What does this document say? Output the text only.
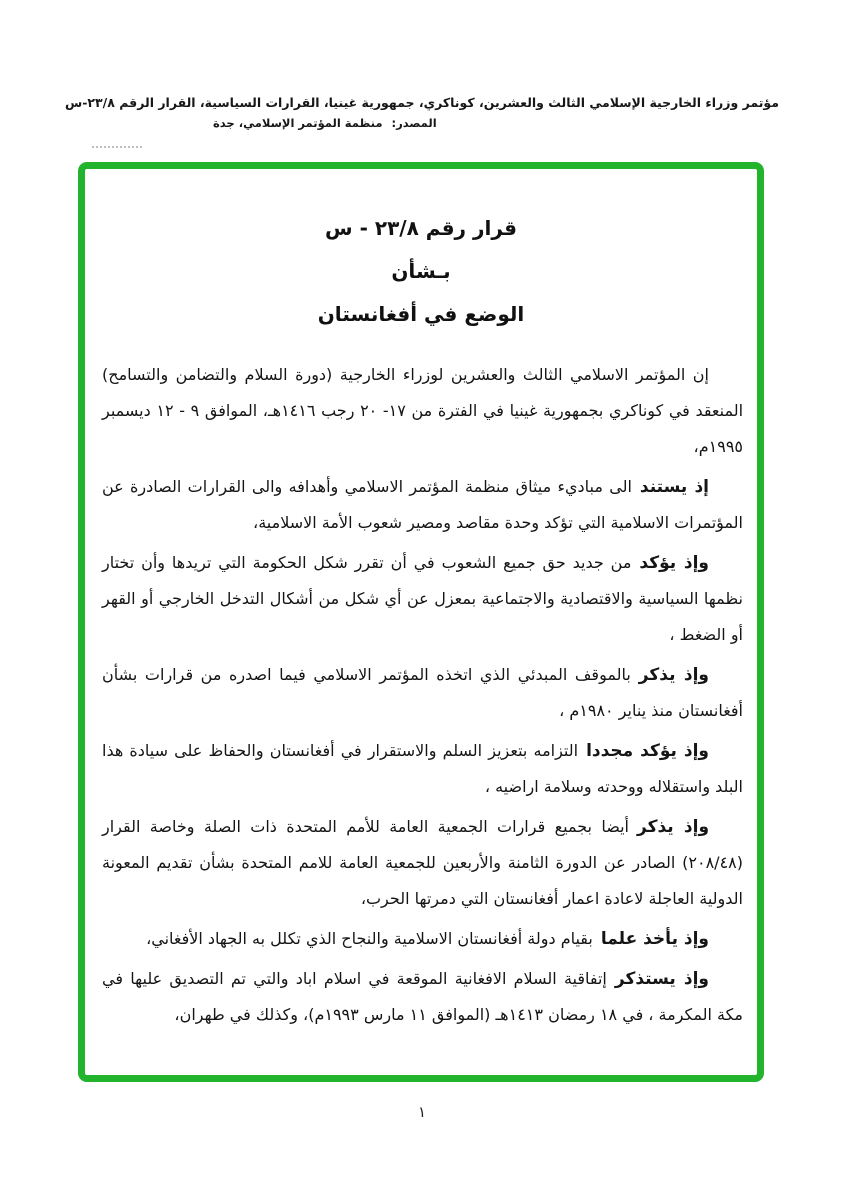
مؤتمر وزراء الخارجية الإسلامي الثالث والعشرين، كوناكري، جمهورية غينيا، القرارات السياسية، القرار الرقم ٢٣/٨-س
المصدر:منظمة المؤتمر الإسلامي، جدة
قرار رقم ٢٣/٨ - س
بـشأن
الوضع في أفغانستان

إن المؤتمر الاسلامي الثالث والعشرين لوزراء الخارجية (دورة السلام والتضامن والتسامح) المنعقد في كوناكري بجمهورية غينيا في الفترة من ١٧- ٢٠ رجب ١٤١٦هـ، الموافق ٩ - ١٢ ديسمبر ١٩٩٥م،

إذ يستندالى مباديء ميثاق منظمة المؤتمر الاسلامي وأهدافه والى القرارات الصادرة عن المؤتمرات الاسلامية التي تؤكد وحدة مقاصد ومصير شعوب الأمة الاسلامية،

وإذ يؤكدمن جديد حق جميع الشعوب في أن تقرر شكل الحكومة التي تريدها وأن تختار نظمها السياسية والاقتصادية والاجتماعية بمعزل عن أي شكل من أشكال التدخل الخارجي أو القهر أو الضغط ،

وإذ يذكربالموقف المبدئي الذي اتخذه المؤتمر الاسلامي فيما اصدره من قرارات بشأن أفغانستان منذ يناير ١٩٨٠م ،

وإذ يؤكد مجدداالتزامه بتعزيز السلم والاستقرار في أفغانستان والحفاظ على سيادة هذا البلد واستقلاله ووحدته وسلامة اراضيه ،

وإذ يذكرأيضا بجميع قرارات الجمعية العامة للأمم المتحدة ذات الصلة وخاصة القرار (٢٠٨/٤٨) الصادر عن الدورة الثامنة والأربعين للجمعية العامة للامم المتحدة بشأن تقديم المعونة الدولية العاجلة لاعادة اعمار أفغانستان التي دمرتها الحرب،

وإذ يأخذ علمابقيام دولة أفغانستان الاسلامية والنجاح الذي تكلل به الجهاد الأفغاني،

وإذ يستذكرإتفاقية السلام الافغانية الموقعة في اسلام اباد والتي تم التصديق عليها في مكة المكرمة ، في ١٨ رمضان ١٤١٣هـ (الموافق ١١ مارس ١٩٩٣م)، وكذلك في طهران،

١
